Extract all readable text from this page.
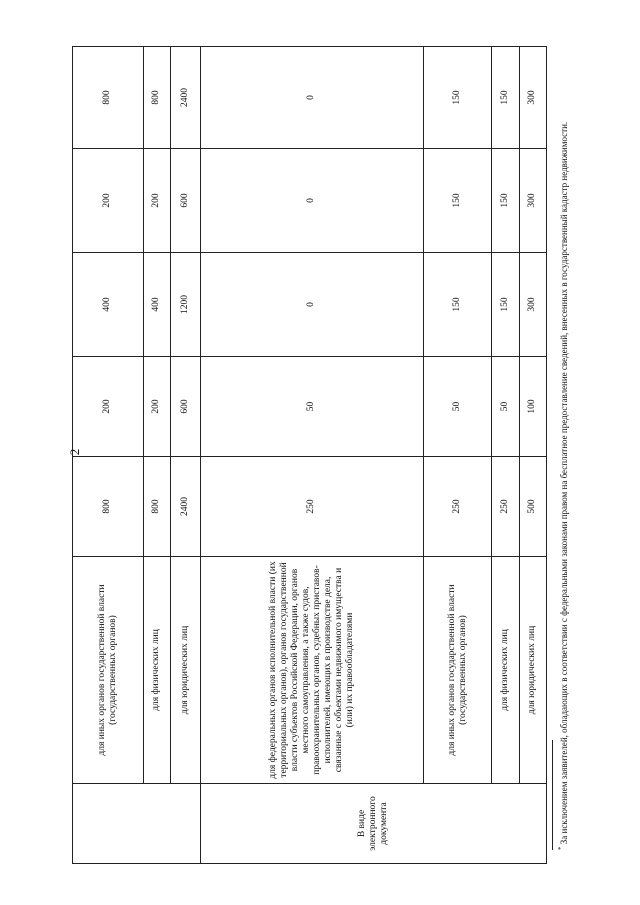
2
	для иных органов государственной власти (государственных органов)	800	200	400	200	800
	для физических лиц	800	200	400	200	800
	для юридических лиц	2400	600	1200	600	2400
В виде электронного документа	для федеральных органов исполнительной власти (их территориальных органов), органов государственной власти субъектов Российской Федерации, органов местного самоуправления, а также судов, правоохранительных органов, судебных приставов-исполнителей, имеющих в производстве дела, связанные с объектами недвижимого имущества и (или) их правообладателями	250	50	0	0	0
	для иных органов государственной власти (государственных органов)	250	50	150	150	150
	для физических лиц	250	50	150	150	150
	для юридических лиц	500	100	300	300	300
* За исключением заявителей, обладающих в соответствии с федеральными законами правом на бесплатное предоставление сведений, внесенных в государственный кадастр недвижимости.
